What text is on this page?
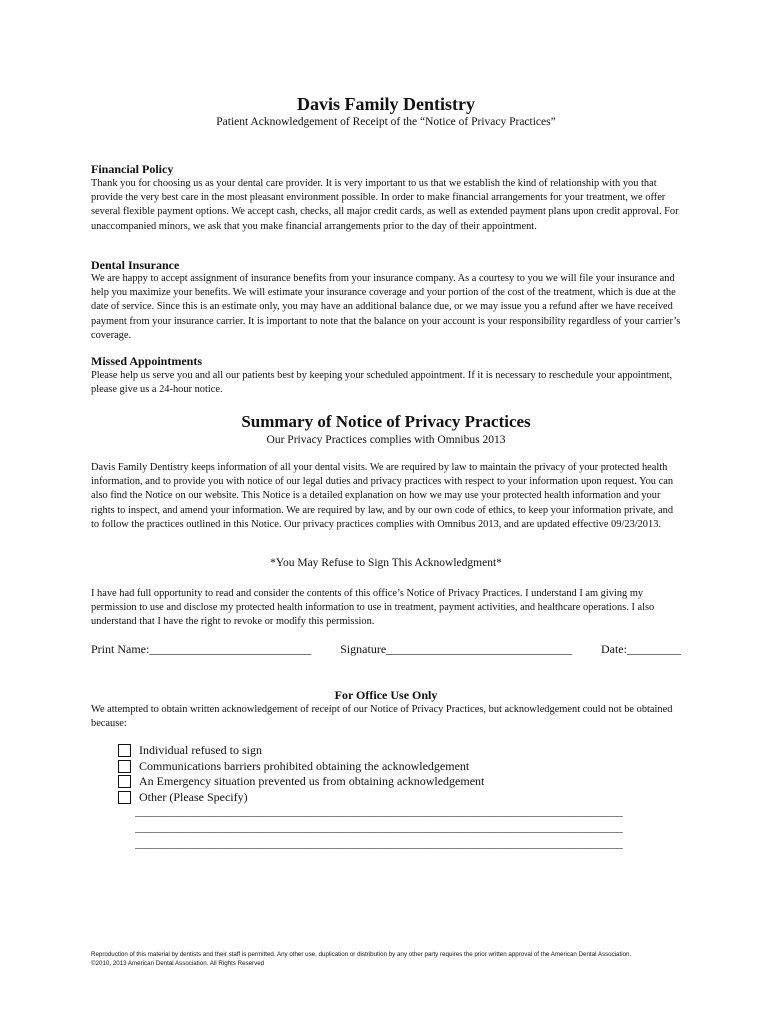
Davis Family Dentistry
Patient Acknowledgement of Receipt of the “Notice of Privacy Practices”
Financial Policy

Thank you for choosing us as your dental care provider. It is very important to us that we establish the kind of relationship with you that provide the very best care in the most pleasant environment possible. In order to make financial arrangements for your treatment, we offer several flexible payment options. We accept cash, checks, all major credit cards, as well as extended payment plans upon credit approval. For unaccompanied minors, we ask that you make financial arrangements prior to the day of their appointment.

Dental Insurance

We are happy to accept assignment of insurance benefits from your insurance company. As a courtesy to you we will file your insurance and help you maximize your benefits. We will estimate your insurance coverage and your portion of the cost of the treatment, which is due at the date of service. Since this is an estimate only, you may have an additional balance due, or we may issue you a refund after we have received payment from your insurance carrier. It is important to note that the balance on your account is your responsibility regardless of your carrier’s coverage.

Missed Appointments

Please help us serve you and all our patients best by keeping your scheduled appointment. If it is necessary to reschedule your appointment, please give us a 24-hour notice.

Summary of Notice of Privacy Practices
Our Privacy Practices complies with Omnibus 2013

Davis Family Dentistry keeps information of all your dental visits. We are required by law to maintain the privacy of your protected health information, and to provide you with notice of our legal duties and privacy practices with respect to your information upon request. You can also find the Notice on our website. This Notice is a detailed explanation on how we may use your protected health information and your rights to inspect, and amend your information. We are required by law, and by our own code of ethics, to keep your information private, and to follow the practices outlined in this Notice. Our privacy practices complies with Omnibus 2013, and are updated effective 09/23/2013.

*You May Refuse to Sign This Acknowledgment*

I have had full opportunity to read and consider the contents of this office’s Notice of Privacy Practices. I understand I am giving my permission to use and disclose my protected health information to use in treatment, payment activities, and healthcare operations. I also understand that I have the right to revoke or modify this permission.

Print Name:___________________________ Signature_______________________________ Date:_________
For Office Use Only

We attempted to obtain written acknowledgement of receipt of our Notice of Privacy Practices, but acknowledgement could not be obtained because:

Individual refused to sign
Communications barriers prohibited obtaining the acknowledgement
An Emergency situation prevented us from obtaining acknowledgement
Other (Please Specify)
____________________________________________________________________________________________
____________________________________________________________________________________________
____________________________________________________________________________________________
Reproduction of this material by dentists and their staff is permitted. Any other use, duplication or distribution by any other party requires the prior written approval of the American Dental Association.
©2010, 2013 American Dental Association. All Rights Reserved
